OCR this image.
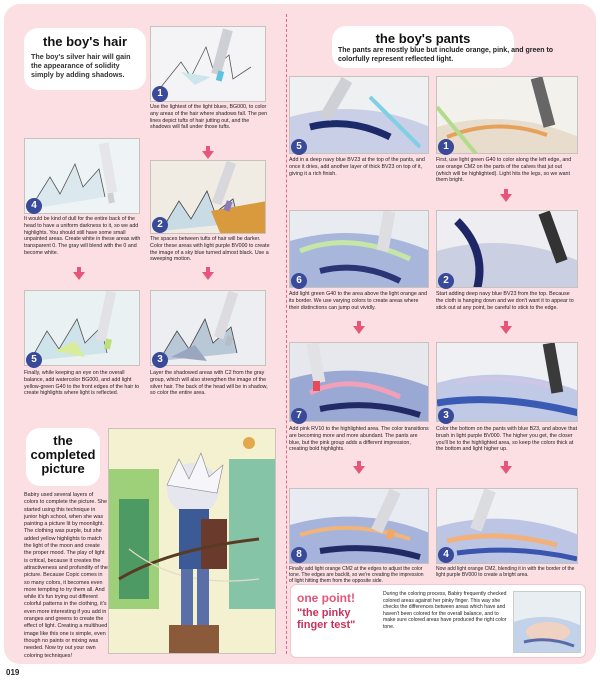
the boy's hair

The boy's silver hair will gain the appearance of solidity simply by adding shadows.

1
Use the lightest of the light blues, BG000, to color any areas of the hair where shadows fall. The pen lines depict tufts of hair jutting out, and the shadows will fall under those tufts.
4
It would be kind of dull for the entire back of the head to have a uniform darkness to it, so we add highlights. You should still have some small unpainted areas. Create white in these areas with transparent 0. The gray will blend with the 0 and become white.
2
The spaces between tufts of hair will be darker. Color these areas with light purple BV000 to create the image of a sky blue turned almost black. Use a sweeping motion.
5
Finally, while keeping an eye on the overall balance, add watercolor BG000, and add light yellow-green G40 to the front edges of the hair to create highlights where light is reflected.
3
Layer the shadowed areas with C2 from the gray group, which will also strengthen the image of the silver hair. The back of the head will be in shadow, so color the entire area.
the completed picture
Babiry used several layers of colors to complete the picture. She started using this technique in junior high school, when she was painting a picture lit by moonlight. The clothing was purple, but she added yellow highlights to match the light of the moon and create the proper mood. The play of light is critical, because it creates the attractiveness and profundity of the picture. Because Copic comes in so many colors, it becomes even more tempting to try them all. And while it's fun trying out different colorful patterns in the clothing, it's even more interesting if you add in oranges and greens to create the effect of light. Creating a multihued image like this one is simple, even though no paints or mixing was needed. Now try out your own coloring techniques!
the boy's pants
The pants are mostly blue but include orange, pink, and green to colorfully represent reflected light.
5
Add in a deep navy blue BV23 at the top of the pants, and once it dries, add another layer of thick BV23 on top of it, giving it a rich finish.
1
First, use light green G40 to color along the left edge, and use orange CM2 on the parts of the calves that jut out (which will be highlighted). Light hits the legs, so we want them bright.
6
Add light green G40 to the area above the light orange and its border. We use varying colors to create areas where their distinctions can jump out vividly.
2
Start adding deep navy blue BV23 from the top. Because the cloth is hanging down and we don't want it to appear to stick out at any point, be careful to stick to the edge.
7
Add pink RV10 to the highlighted area. The color transitions are becoming more and more abundant. The pants are blue, but the pink group adds a different impression, creating bold highlights.
3
Color the bottom on the pants with blue B23, and above that brush in light purple BV000. The higher you get, the closer you'll be to the highlighted area, so keep the colors thick at the bottom and light higher up.
8	4
Finally add light orange CM2 at the edges to adjust the color tone. The edges are backlit, so we're creating the impression of light hitting them from the opposite side.
one point!
"the pinky finger test"
During the coloring process, Babiry frequently checked colored areas against her pinky finger. This way she checks the differences between areas which have and haven't been colored for the overall balance, and to make sure colored areas have produced the right color tone.
019
Now add light orange CM2, blending it in with the border of the light purple BV000 to create a bright area.
